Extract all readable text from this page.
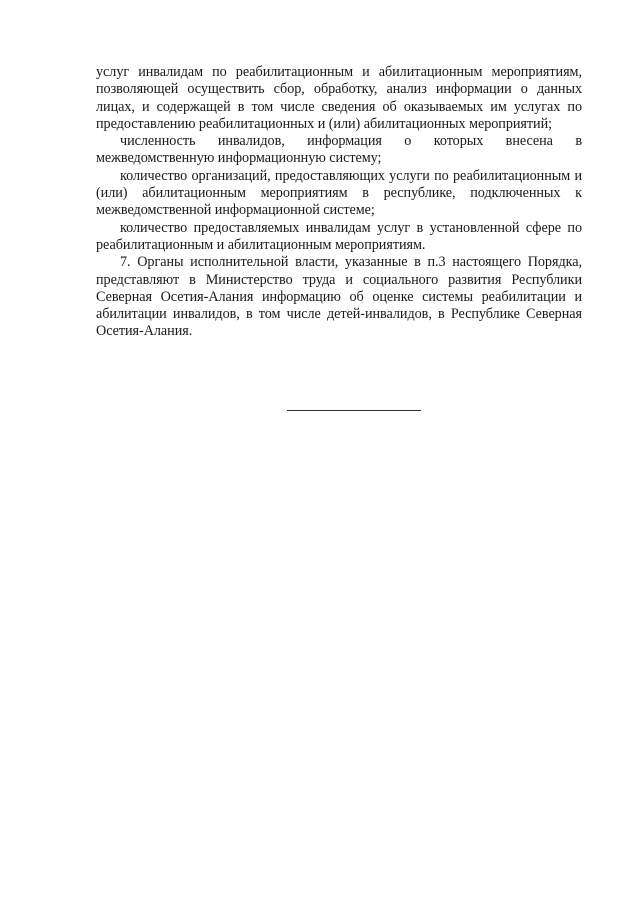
услуг инвалидам по реабилитационным и абилитационным мероприятиям, позволяющей осуществить сбор, обработку, анализ информации о данных лицах, и содержащей в том числе сведения об оказываемых им услугах по предоставлению реабилитационных и (или) абилитационных мероприятий;

численность инвалидов, информация о которых внесена в межведомственную информационную систему;

количество организаций, предоставляющих услуги по реабилитационным и (или) абилитационным мероприятиям в республике, подключенных к межведомственной информационной системе;

количество предоставляемых инвалидам услуг в установленной сфере по реабилитационным и абилитационным мероприятиям.

7. Органы исполнительной власти, указанные в п.3 настоящего Порядка, представляют в Министерство труда и социального развития Республики Северная Осетия-Алания информацию об оценке системы реабилитации и абилитации инвалидов, в том числе детей-инвалидов, в Республике Северная Осетия-Алания.
